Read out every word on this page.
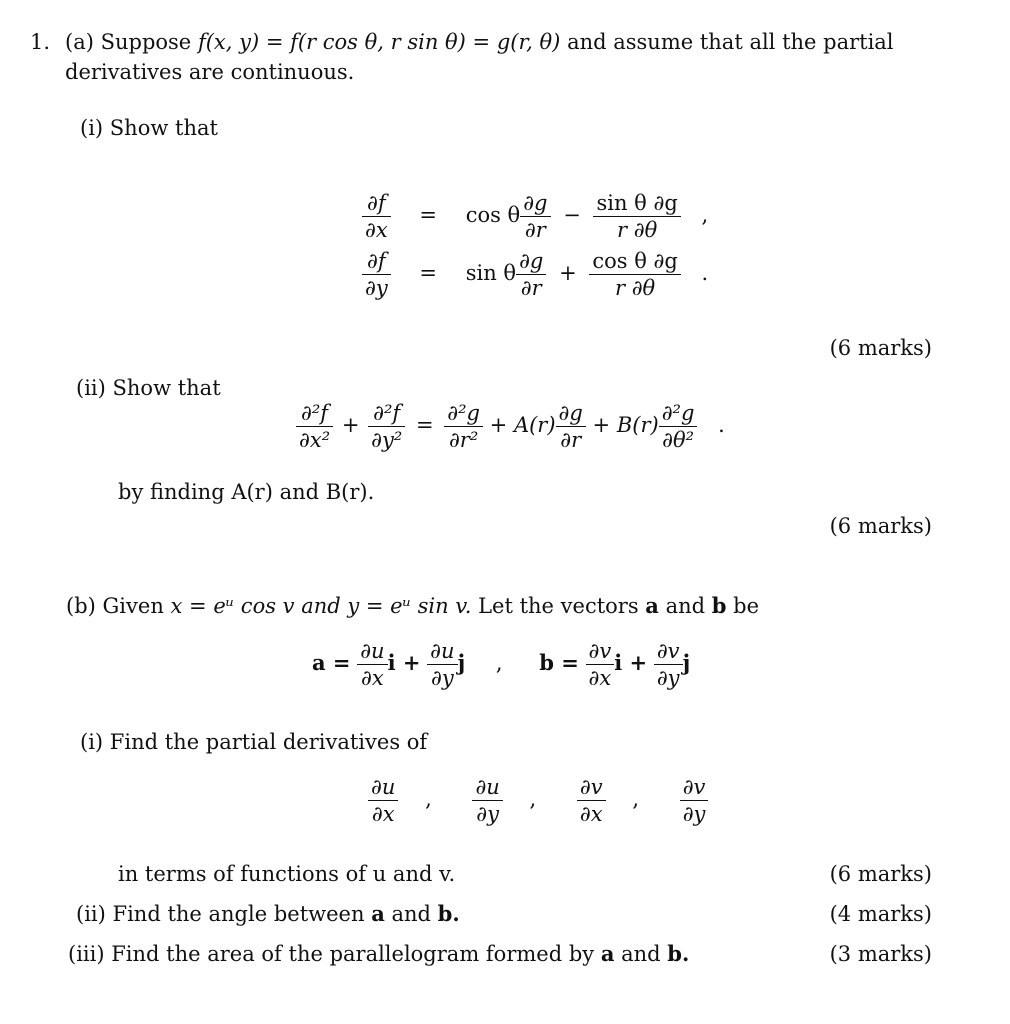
1. (a) Suppose f(x, y) = f(r cos θ, r sin θ) = g(r, θ) and assume that all the partial
derivatives are continuous.
(i) Show that
$\frac{\partial f}{\partial x} = \cos \theta \frac{\partial g}{\partial r} - \frac{\text{sin θ ∂g}}{r \partial\theta}$ ,
$\frac{\partial f}{\partial y} = \sin \theta \frac{\partial g}{\partial r} + \frac{\text{cos θ ∂g}}{r \partial\theta}$ .
(6 marks)
(ii) Show that
$\frac{\text{∂²f}}{\text{∂x²}} + \frac{\text{∂²f}}{\text{∂y²}} = \frac{\text{∂²g}}{\text{∂r²}} + A(r) \frac{\partial g}{\partial r} + B(r) \frac{\text{∂²g}}{\text{∂θ²}}$ .
by finding A(r) and B(r).
(6 marks)
(b) Given x = eᵘ cos v and y = eᵘ sin v. Let the vectors a and b be
$a = \frac{\partial u}{\partial x}$ $i + \frac{\partial u}{\partial y}$ j , $b = \frac{\partial v}{\partial x}$ $i + \frac{\partial v}{\partial y}$ j
(i) Find the partial derivatives of
$\frac{\partial u}{\partial x}$ , $\frac{\partial u}{\partial y}$ , $\frac{\partial v}{\partial x}$ , $\frac{\partial v}{\partial y}$
in terms of functions of u and v.	(6 marks)
(ii) Find the angle between a and b.	(4 marks)
(iii) Find the area of the parallelogram formed by a and b.	(3 marks)
